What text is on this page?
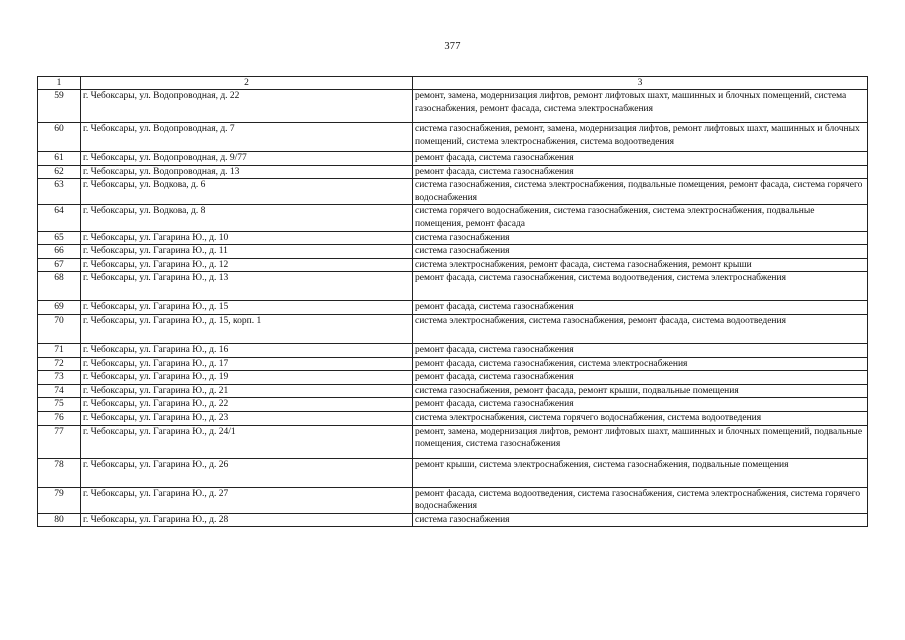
377
1	2	3
59	г. Чебоксары, ул. Водопроводная, д. 22	ремонт, замена, модернизация лифтов, ремонт лифтовых шахт, машинных и блочных помещений, система газоснабжения, ремонт фасада, система электроснабжения
60	г. Чебоксары, ул. Водопроводная, д. 7	система газоснабжения, ремонт, замена, модернизация лифтов, ремонт лифтовых шахт, машинных и блочных помещений, система электроснабжения, система водоотведения
61	г. Чебоксары, ул. Водопроводная, д. 9/77	ремонт фасада, система газоснабжения
62	г. Чебоксары, ул. Водопроводная, д. 13	ремонт фасада, система газоснабжения
63	г. Чебоксары, ул. Водкова, д. 6	система газоснабжения, система электроснабжения, подвальные помещения, ремонт фасада, система горячего водоснабжения
64	г. Чебоксары, ул. Водкова, д. 8	система горячего водоснабжения, система газоснабжения, система электроснабжения, подвальные помещения, ремонт фасада
65	г. Чебоксары, ул. Гагарина Ю., д. 10	система газоснабжения
66	г. Чебоксары, ул. Гагарина Ю., д. 11	система газоснабжения
67	г. Чебоксары, ул. Гагарина Ю., д. 12	система электроснабжения, ремонт фасада, система газоснабжения, ремонт крыши
68	г. Чебоксары, ул. Гагарина Ю., д. 13	ремонт фасада, система газоснабжения, система водоотведения, система электроснабжения
69	г. Чебоксары, ул. Гагарина Ю., д. 15	ремонт фасада, система газоснабжения
70	г. Чебоксары, ул. Гагарина Ю., д. 15, корп. 1	система электроснабжения, система газоснабжения, ремонт фасада, система водоотведения
71	г. Чебоксары, ул. Гагарина Ю., д. 16	ремонт фасада, система газоснабжения
72	г. Чебоксары, ул. Гагарина Ю., д. 17	ремонт фасада, система газоснабжения, система электроснабжения
73	г. Чебоксары, ул. Гагарина Ю., д. 19	ремонт фасада, система газоснабжения
74	г. Чебоксары, ул. Гагарина Ю., д. 21	система газоснабжения, ремонт фасада, ремонт крыши, подвальные помещения
75	г. Чебоксары, ул. Гагарина Ю., д. 22	ремонт фасада, система газоснабжения
76	г. Чебоксары, ул. Гагарина Ю., д. 23	система электроснабжения, система горячего водоснабжения, система водоотведения
77	г. Чебоксары, ул. Гагарина Ю., д. 24/1	ремонт, замена, модернизация лифтов, ремонт лифтовых шахт, машинных и блочных помещений, подвальные помещения, система газоснабжения
78	г. Чебоксары, ул. Гагарина Ю., д. 26	ремонт крыши, система электроснабжения, система газоснабжения, подвальные помещения
79	г. Чебоксары, ул. Гагарина Ю., д. 27	ремонт фасада, система водоотведения, система газоснабжения, система электроснабжения, система горячего водоснабжения
80	г. Чебоксары, ул. Гагарина Ю., д. 28	система газоснабжения
